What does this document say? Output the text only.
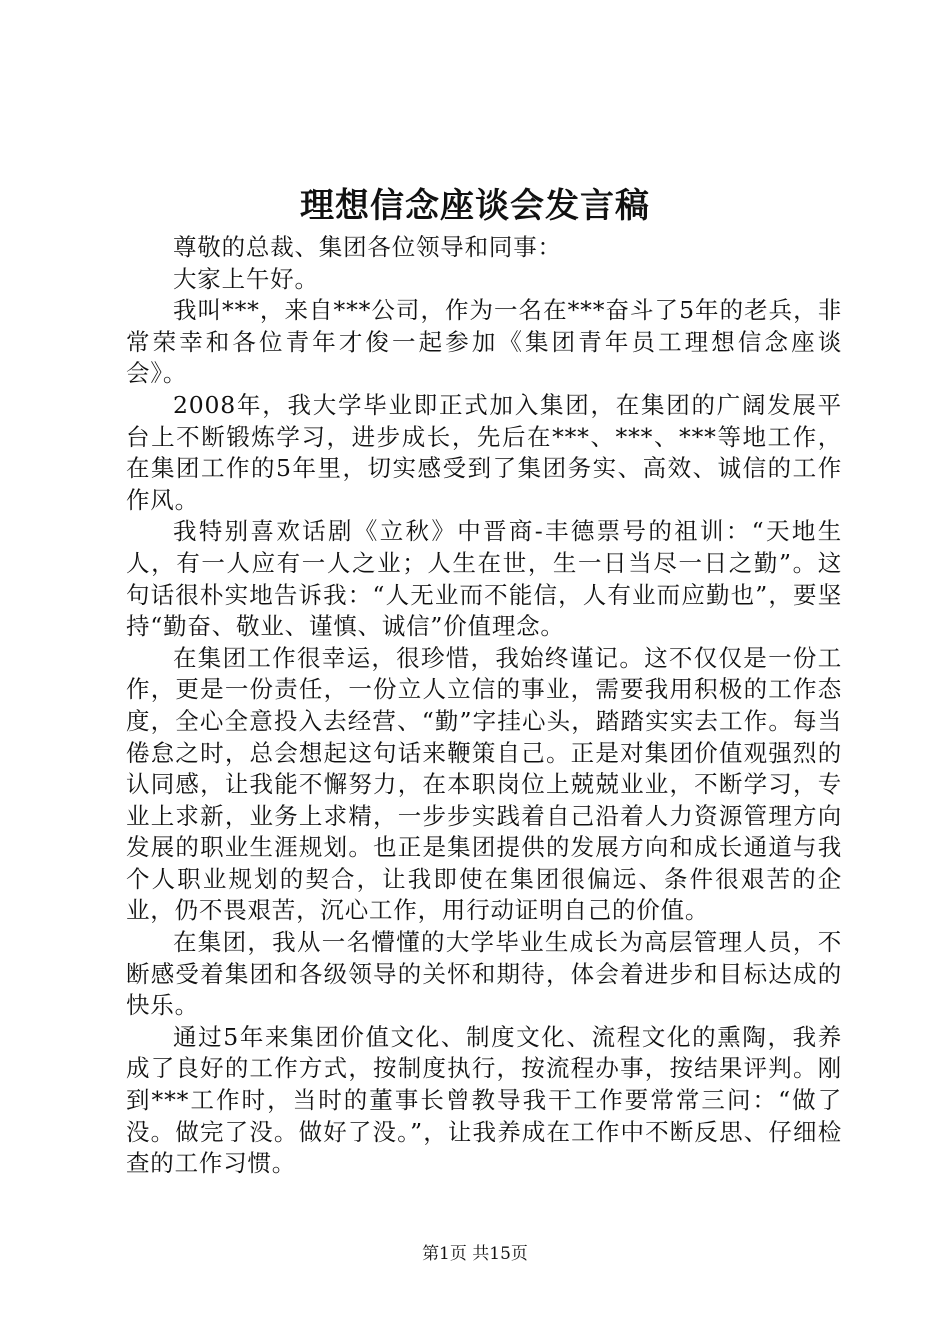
理想信念座谈会发言稿

尊敬的总裁、集团各位领导和同事：

大家上午好。

我叫***，来自***公司，作为一名在***奋斗了5年的老兵，非常荣幸和各位青年才俊一起参加《集团青年员工理想信念座谈会》。

2008年，我大学毕业即正式加入集团，在集团的广阔发展平台上不断锻炼学习，进步成长，先后在***、***、***等地工作，在集团工作的5年里，切实感受到了集团务实、高效、诚信的工作作风。

我特别喜欢话剧《立秋》中晋商-丰德票号的祖训：“天地生人，有一人应有一人之业；人生在世，生一日当尽一日之勤”。这句话很朴实地告诉我：“人无业而不能信，人有业而应勤也”，要坚持“勤奋、敬业、谨慎、诚信”价值理念。

在集团工作很幸运，很珍惜，我始终谨记。这不仅仅是一份工作，更是一份责任，一份立人立信的事业，需要我用积极的工作态度，全心全意投入去经营、“勤”字挂心头，踏踏实实去工作。每当倦怠之时，总会想起这句话来鞭策自己。正是对集团价值观强烈的认同感，让我能不懈努力，在本职岗位上兢兢业业，不断学习，专业上求新，业务上求精，一步步实践着自己沿着人力资源管理方向发展的职业生涯规划。也正是集团提供的发展方向和成长通道与我个人职业规划的契合，让我即使在集团很偏远、条件很艰苦的企业，仍不畏艰苦，沉心工作，用行动证明自己的价值。

在集团，我从一名懵懂的大学毕业生成长为高层管理人员，不断感受着集团和各级领导的关怀和期待，体会着进步和目标达成的快乐。

通过5年来集团价值文化、制度文化、流程文化的熏陶，我养成了良好的工作方式，按制度执行，按流程办事，按结果评判。刚到***工作时，当时的董事长曾教导我干工作要常常三问：“做了没。做完了没。做好了没。”，让我养成在工作中不断反思、仔细检查的工作习惯。

第1页 共15页
